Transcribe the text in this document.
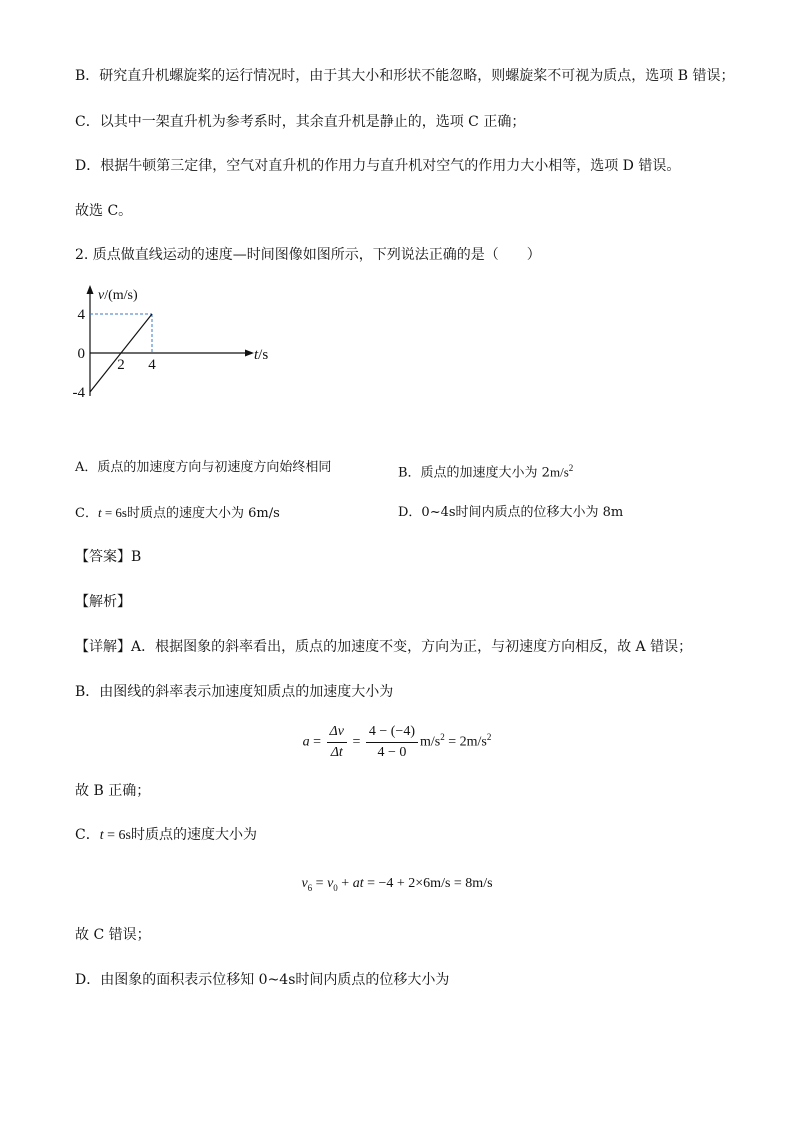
B．研究直升机螺旋桨的运行情况时，由于其大小和形状不能忽略，则螺旋桨不可视为质点，选项 B 错误；
C．以其中一架直升机为参考系时，其余直升机是静止的，选项 C 正确；
D．根据牛顿第三定律，空气对直升机的作用力与直升机对空气的作用力大小相等，选项 D 错误。
故选 C。
2. 质点做直线运动的速度—时间图像如图所示，下列说法正确的是（　　）
v/(m/s)
t/s
2 4
4
0
-4
A．质点的加速度方向与初速度方向始终相同	B．质点的加速度大小为 $2m/s^2$
C．t = 6s时质点的速度大小为 6m/s	D．0~4s时间内质点的位移大小为 8m
【答案】B
【解析】
【详解】A．根据图象的斜率看出，质点的加速度不变，方向为正，与初速度方向相反，故 A 错误；
B．由图线的斜率表示加速度知质点的加速度大小为
$a = \frac{\Delta v}{\Delta t} = \frac{4 - (-4)}{4 - 0} m/s^2 = 2m/s^2$
故 B 正确；
C．t = 6s时质点的速度大小为
$v_6 = v_0$ + at = −4 + 2×6m/s = 8m/s
故 C 错误；
D．由图象的面积表示位移知 0~4s时间内质点的位移大小为
